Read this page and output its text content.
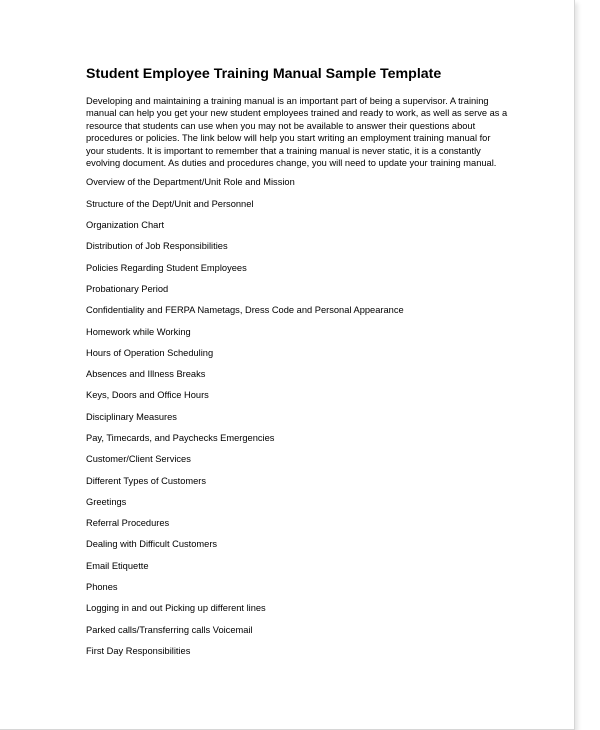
Student Employee Training Manual Sample Template
Developing and maintaining a training manual is an important part of being a supervisor. A training
manual can help you get your new student employees trained and ready to work, as well as serve as a
resource that students can use when you may not be available to answer their questions about
procedures or policies. The link below will help you start writing an employment training manual for
your students. It is important to remember that a training manual is never static, it is a constantly
evolving document. As duties and procedures change, you will need to update your training manual.
Overview of the Department/Unit Role and Mission
Structure of the Dept/Unit and Personnel
Organization Chart
Distribution of Job Responsibilities
Policies Regarding Student Employees
Probationary Period
Confidentiality and FERPA Nametags, Dress Code and Personal Appearance
Homework while Working
Hours of Operation Scheduling
Absences and Illness Breaks
Keys, Doors and Office Hours
Disciplinary Measures
Pay, Timecards, and Paychecks Emergencies
Customer/Client Services
Different Types of Customers
Greetings
Referral Procedures
Dealing with Difficult Customers
Email Etiquette
Phones
Logging in and out Picking up different lines
Parked calls/Transferring calls Voicemail
First Day Responsibilities
